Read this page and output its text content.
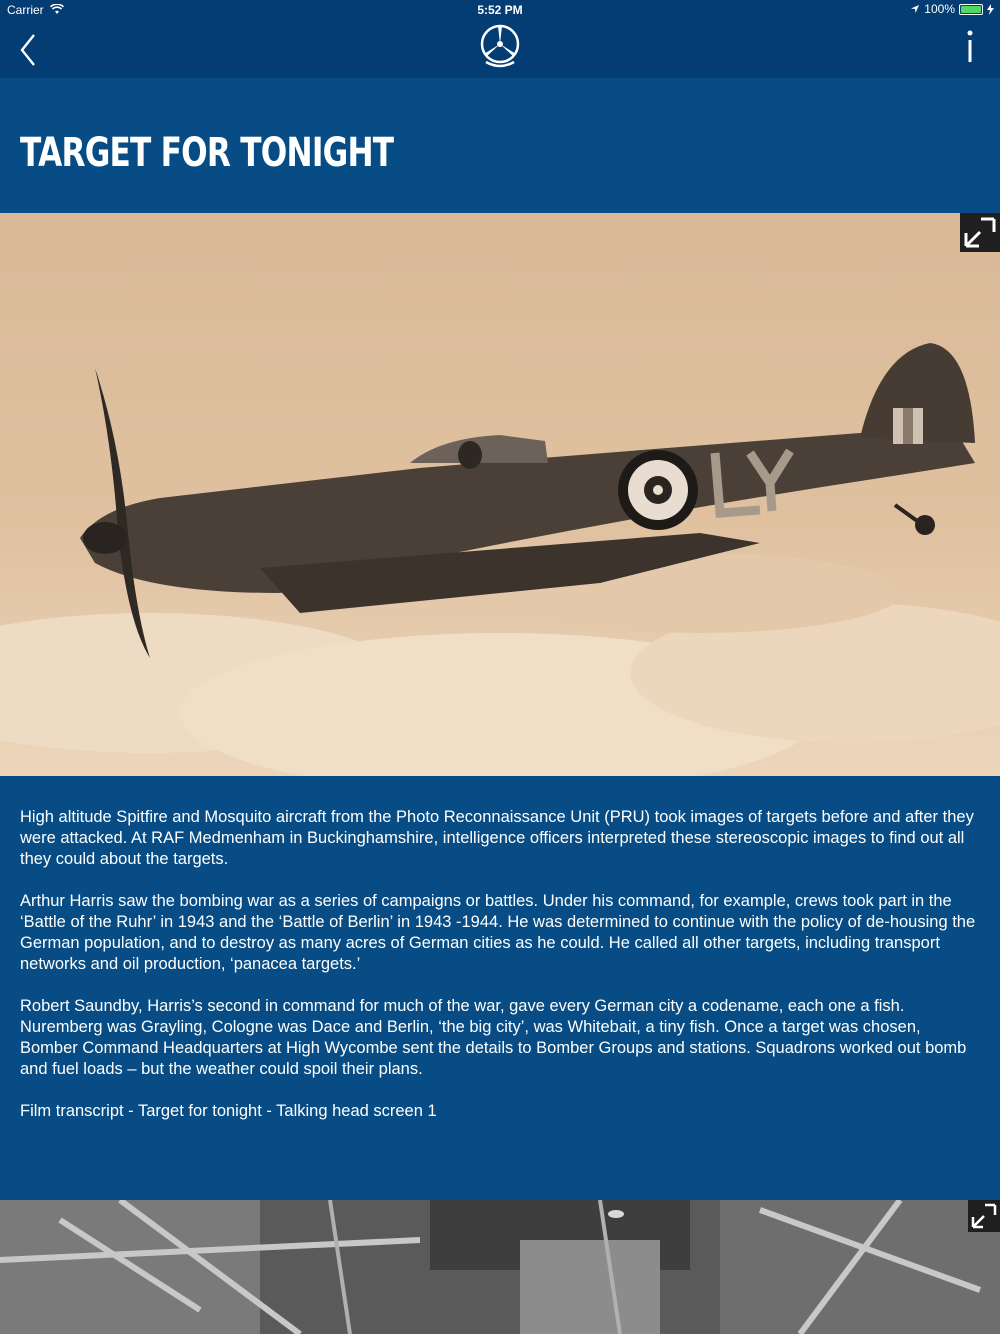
Carrier	5:52 PM	100%
TARGET FOR TONIGHT

High altitude Spitfire and Mosquito aircraft from the Photo Reconnaissance Unit (PRU) took images of targets before and after they were attacked. At RAF Medmenham in Buckinghamshire, intelligence officers interpreted these stereoscopic images to find out all they could about the targets.

Arthur Harris saw the bombing war as a series of campaigns or battles. Under his command, for example, crews took part in the ‘Battle of the Ruhr’ in 1943 and the ‘Battle of Berlin’ in 1943 -1944. He was determined to continue with the policy of de-housing the German population, and to destroy as many acres of German cities as he could. He called all other targets, including transport networks and oil production, ‘panacea targets.’

Robert Saundby, Harris’s second in command for much of the war, gave every German city a codename, each one a fish. Nuremberg was Grayling, Cologne was Dace and Berlin, ‘the big city’, was Whitebait, a tiny fish. Once a target was chosen, Bomber Command Headquarters at High Wycombe sent the details to Bomber Groups and stations. Squadrons worked out bomb and fuel loads – but the weather could spoil their plans.

Film transcript - Target for tonight - Talking head screen 1
